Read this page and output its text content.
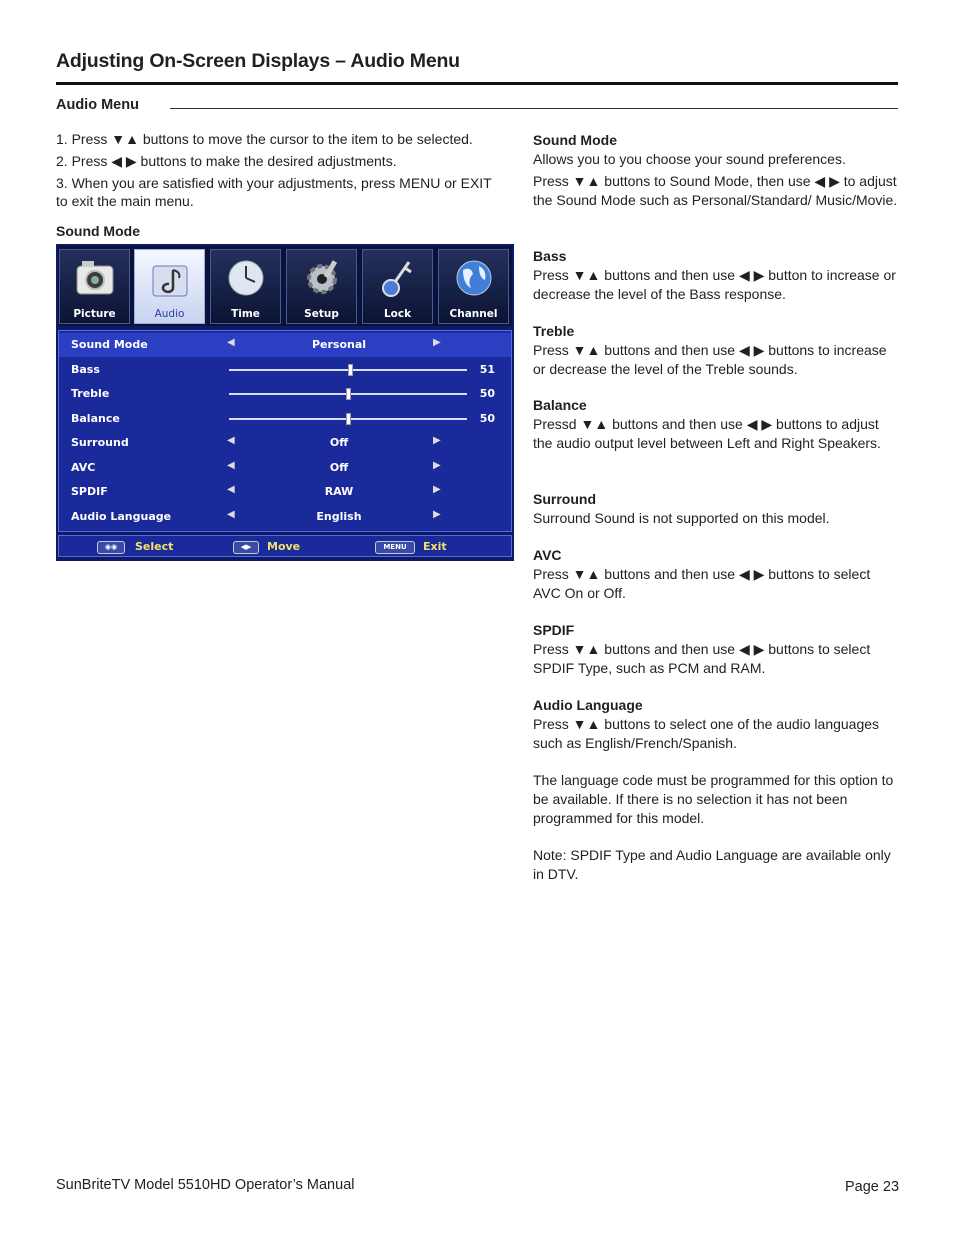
Adjusting On-Screen Displays – Audio Menu
Audio Menu

1. Press ▼▲ buttons to move the cursor to the item to be selected.

2. Press ◀ ▶ buttons to make the desired adjustments.

3. When you are satisfied with your adjustments, press MENU or EXIT to exit the main menu.

Sound Mode
Picture	Audio	Time	Setup	Lock	Channel
Sound Mode	◀	Personal	▶
Bass	51
Treble	50
Balance	50
Surround	◀	Off	▶
AVC	◀	Off	▶
SPDIF	◀	RAW	▶
Audio Language	◀	English	▶
◉◉	Select	◀▶	Move	MENU	Exit
Sound Mode

Allows you to you choose your sound preferences.

Press ▼▲ buttons to Sound Mode, then use ◀ ▶ to adjust the Sound Mode such as Personal/Standard/ Music/Movie.

Bass

Press ▼▲ buttons and then use ◀ ▶ button to increase or decrease the level of the Bass response.

Treble

Press ▼▲ buttons and then use ◀ ▶ buttons to increase or decrease the level of the Treble sounds.

Balance

Pressd ▼▲ buttons and then use ◀ ▶ buttons to adjust the audio output level between Left and Right Speakers.

Surround

Surround Sound is not supported on this model.

AVC

Press ▼▲ buttons and then use ◀ ▶ buttons to select AVC On or Off.

SPDIF

Press ▼▲ buttons and then use ◀ ▶ buttons to select SPDIF Type, such as PCM and RAM.

Audio Language

Press ▼▲ buttons to select one of the audio languages such as English/French/Spanish.

The language code must be programmed for this option to be available. If there is no selection it has not been programmed for this model.

Note: SPDIF Type and Audio Language are available only in DTV.

SunBriteTV Model 5510HD Operator’s Manual	Page 23
